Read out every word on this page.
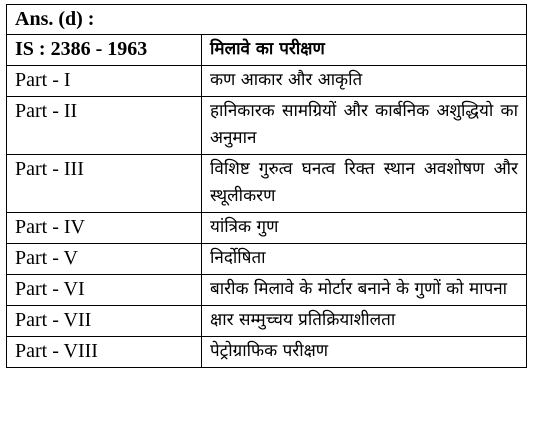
Ans. (d) :	
IS : 2386 - 1963	मिलावे का परीक्षण
Part - I	कण आकार और आकृति
Part - II	हानिकारक सामग्रियों और कार्बनिक अशुद्धियो का अनुमान
Part - III	विशिष्ट गुरुत्व घनत्व रिक्त स्थान अवशोषण और स्थूलीकरण
Part - IV	यांत्रिक गुण
Part - V	निर्दोषिता
Part - VI	बारीक मिलावे के मोर्टार बनाने के गुणों को मापना
Part - VII	क्षार सम्मुच्चय प्रतिक्रियाशीलता
Part - VIII	पेट्रोग्राफिक परीक्षण
